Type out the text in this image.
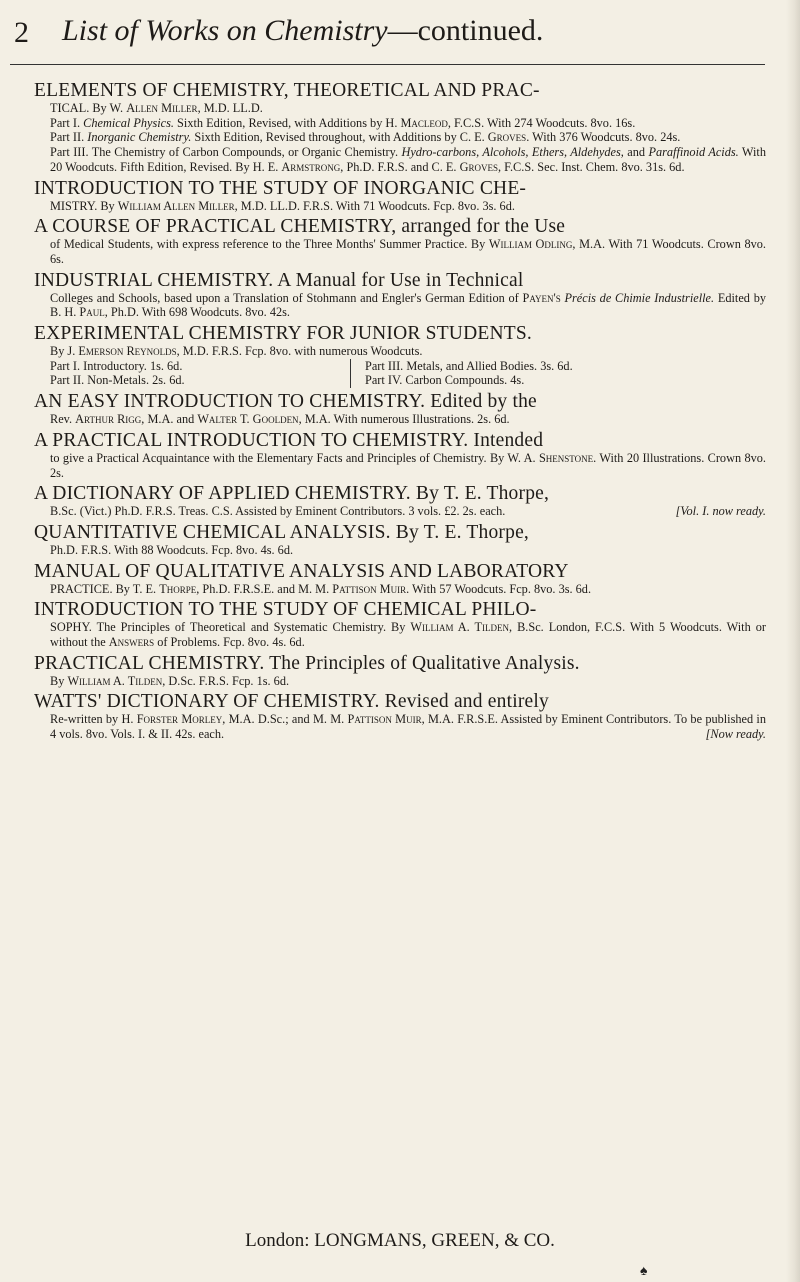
2 List of Works on Chemistry—continued.
ELEMENTS OF CHEMISTRY, THEORETICAL AND PRAC-
TICAL. By W. Allen Miller, M.D. LL.D.
Part I. Chemical Physics. Sixth Edition, Revised, with Additions by H. Macleod, F.C.S. With 274 Woodcuts. 8vo. 16s.
Part II. Inorganic Chemistry. Sixth Edition, Revised throughout, with Additions by C. E. Groves. With 376 Woodcuts. 8vo. 24s.
Part III. The Chemistry of Carbon Compounds, or Organic Chemistry. Hydro-carbons, Alcohols, Ethers, Aldehydes, and Paraffinoid Acids. With 20 Woodcuts. Fifth Edition, Revised. By H. E. Armstrong, Ph.D. F.R.S. and C. E. Groves, F.C.S. Sec. Inst. Chem. 8vo. 31s. 6d.
INTRODUCTION TO THE STUDY OF INORGANIC CHE-
MISTRY. By William Allen Miller, M.D. LL.D. F.R.S. With 71 Woodcuts. Fcp. 8vo. 3s. 6d.
A COURSE OF PRACTICAL CHEMISTRY, arranged for the Use
of Medical Students, with express reference to the Three Months' Summer Practice. By William Odling, M.A. With 71 Woodcuts. Crown 8vo. 6s.
INDUSTRIAL CHEMISTRY. A Manual for Use in Technical
Colleges and Schools, based upon a Translation of Stohmann and Engler's German Edition of Payen's Précis de Chimie Industrielle. Edited by B. H. Paul, Ph.D. With 698 Woodcuts. 8vo. 42s.
EXPERIMENTAL CHEMISTRY FOR JUNIOR STUDENTS.
By J. Emerson Reynolds, M.D. F.R.S. Fcp. 8vo. with numerous Woodcuts.
Part I. Introductory. 1s. 6d.
Part II. Non-Metals. 2s. 6d.
Part III. Metals, and Allied Bodies. 3s. 6d.
Part IV. Carbon Compounds. 4s.
AN EASY INTRODUCTION TO CHEMISTRY. Edited by the
Rev. Arthur Rigg, M.A. and Walter T. Goolden, M.A. With numerous Illustrations. 2s. 6d.
A PRACTICAL INTRODUCTION TO CHEMISTRY. Intended
to give a Practical Acquaintance with the Elementary Facts and Principles of Chemistry. By W. A. Shenstone. With 20 Illustrations. Crown 8vo. 2s.
A DICTIONARY OF APPLIED CHEMISTRY. By T. E. Thorpe,
B.Sc. (Vict.) Ph.D. F.R.S. Treas. C.S. Assisted by Eminent Contributors. 3 vols. £2. 2s. each.	[Vol. I. now ready.
QUANTITATIVE CHEMICAL ANALYSIS. By T. E. Thorpe,
Ph.D. F.R.S. With 88 Woodcuts. Fcp. 8vo. 4s. 6d.
MANUAL OF QUALITATIVE ANALYSIS AND LABORATORY
PRACTICE. By T. E. Thorpe, Ph.D. F.R.S.E. and M. M. Pattison Muir. With 57 Woodcuts. Fcp. 8vo. 3s. 6d.
INTRODUCTION TO THE STUDY OF CHEMICAL PHILO-
SOPHY. The Principles of Theoretical and Systematic Chemistry. By William A. Tilden, B.Sc. London, F.C.S. With 5 Woodcuts. With or without the Answers of Problems. Fcp. 8vo. 4s. 6d.
PRACTICAL CHEMISTRY. The Principles of Qualitative Analysis.
By William A. Tilden, D.Sc. F.R.S. Fcp. 1s. 6d.
WATTS' DICTIONARY OF CHEMISTRY. Revised and entirely
Re-written by H. Forster Morley, M.A. D.Sc.; and M. M. Pattison Muir, M.A. F.R.S.E. Assisted by Eminent Contributors. To be published in 4 vols. 8vo. Vols. I. & II. 42s. each.	[Now ready.
London: LONGMANS, GREEN, & CO.
♠
